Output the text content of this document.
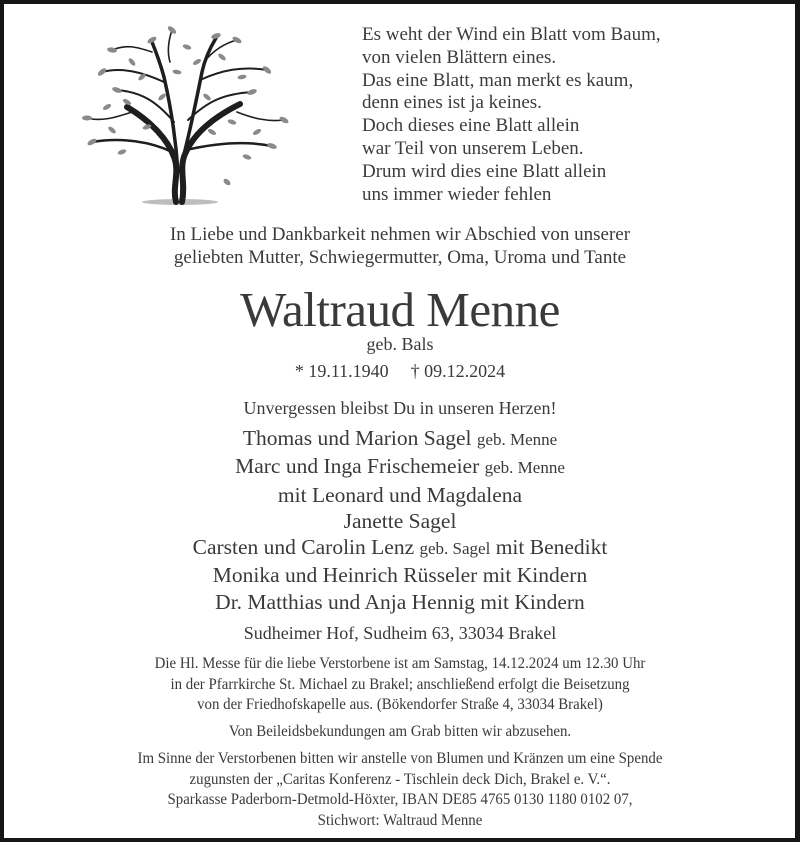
Es weht der Wind ein Blatt vom Baum,
von vielen Blättern eines.
Das eine Blatt, man merkt es kaum,
denn eines ist ja keines.
Doch dieses eine Blatt allein
war Teil von unserem Leben.
Drum wird dies eine Blatt allein
uns immer wieder fehlen
In Liebe und Dankbarkeit nehmen wir Abschied von unserer
geliebten Mutter, Schwiegermutter, Oma, Uroma und Tante
Waltraud Menne
geb. Bals
* 19.11.1940 † 09.12.2024
Unvergessen bleibst Du in unseren Herzen!
Thomas und Marion Sagel geb. Menne
Marc und Inga Frischemeier geb. Menne
mit Leonard und Magdalena
Janette Sagel
Carsten und Carolin Lenz geb. Sagel mit Benedikt
Monika und Heinrich Rüsseler mit Kindern
Dr. Matthias und Anja Hennig mit Kindern
Sudheimer Hof, Sudheim 63, 33034 Brakel
Die Hl. Messe für die liebe Verstorbene ist am Samstag, 14.12.2024 um 12.30 Uhr
in der Pfarrkirche St. Michael zu Brakel; anschließend erfolgt die Beisetzung
von der Friedhofskapelle aus. (Bökendorfer Straße 4, 33034 Brakel)
Von Beileidsbekundungen am Grab bitten wir abzusehen.
Im Sinne der Verstorbenen bitten wir anstelle von Blumen und Kränzen um eine Spende
zugunsten der „Caritas Konferenz - Tischlein deck Dich, Brakel e. V.“.
Sparkasse Paderborn-Detmold-Höxter, IBAN DE85 4765 0130 1180 0102 07,
Stichwort: Waltraud Menne
